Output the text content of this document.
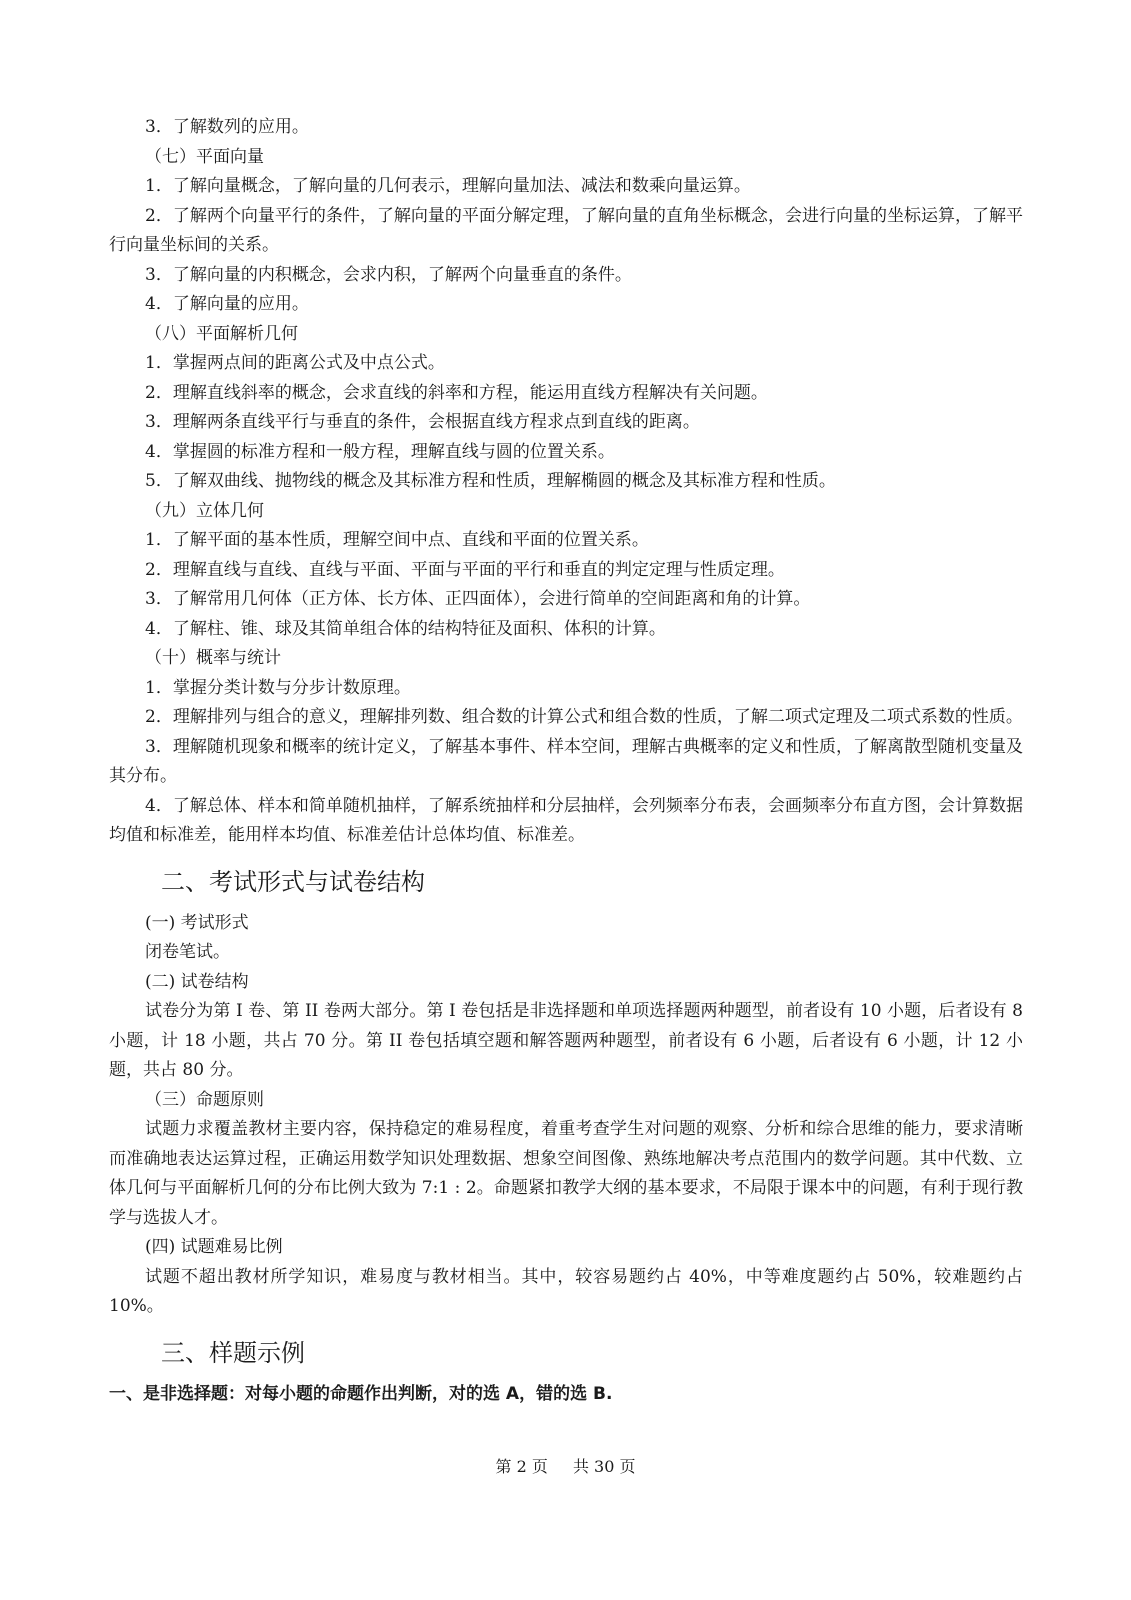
3．了解数列的应用。
（七）平面向量
1．了解向量概念，了解向量的几何表示，理解向量加法、减法和数乘向量运算。
2．了解两个向量平行的条件，了解向量的平面分解定理，了解向量的直角坐标概念，会进行向量的坐标运算，了解平行向量坐标间的关系。
3．了解向量的内积概念，会求内积，了解两个向量垂直的条件。
4．了解向量的应用。
（八）平面解析几何
1．掌握两点间的距离公式及中点公式。
2．理解直线斜率的概念，会求直线的斜率和方程，能运用直线方程解决有关问题。
3．理解两条直线平行与垂直的条件，会根据直线方程求点到直线的距离。
4．掌握圆的标准方程和一般方程，理解直线与圆的位置关系。
5．了解双曲线、抛物线的概念及其标准方程和性质，理解椭圆的概念及其标准方程和性质。
（九）立体几何
1．了解平面的基本性质，理解空间中点、直线和平面的位置关系。
2．理解直线与直线、直线与平面、平面与平面的平行和垂直的判定定理与性质定理。
3．了解常用几何体（正方体、长方体、正四面体），会进行简单的空间距离和角的计算。
4．了解柱、锥、球及其简单组合体的结构特征及面积、体积的计算。
（十）概率与统计
1．掌握分类计数与分步计数原理。
2．理解排列与组合的意义，理解排列数、组合数的计算公式和组合数的性质，了解二项式定理及二项式系数的性质。
3．理解随机现象和概率的统计定义，了解基本事件、样本空间，理解古典概率的定义和性质，了解离散型随机变量及其分布。
4．了解总体、样本和简单随机抽样，了解系统抽样和分层抽样，会列频率分布表，会画频率分布直方图，会计算数据均值和标准差，能用样本均值、标准差估计总体均值、标准差。
二、考试形式与试卷结构
(一) 考试形式
闭卷笔试。
(二) 试卷结构
试卷分为第 I 卷、第 II 卷两大部分。第 I 卷包括是非选择题和单项选择题两种题型，前者设有 10 小题，后者设有 8 小题，计 18 小题，共占 70 分。第 II 卷包括填空题和解答题两种题型，前者设有 6 小题，后者设有 6 小题，计 12 小题，共占 80 分。
（三）命题原则
试题力求覆盖教材主要内容，保持稳定的难易程度，着重考查学生对问题的观察、分析和综合思维的能力，要求清晰而准确地表达运算过程，正确运用数学知识处理数据、想象空间图像、熟练地解决考点范围内的数学问题。其中代数、立体几何与平面解析几何的分布比例大致为 7:1 : 2。命题紧扣教学大纲的基本要求，不局限于课本中的问题，有利于现行教学与选拔人才。
(四) 试题难易比例
试题不超出教材所学知识，难易度与教材相当。其中，较容易题约占 40%，中等难度题约占 50%，较难题约占 10%。
三、样题示例
一、是非选择题：对每小题的命题作出判断，对的选 A，错的选 B.
第 2 页 共 30 页
